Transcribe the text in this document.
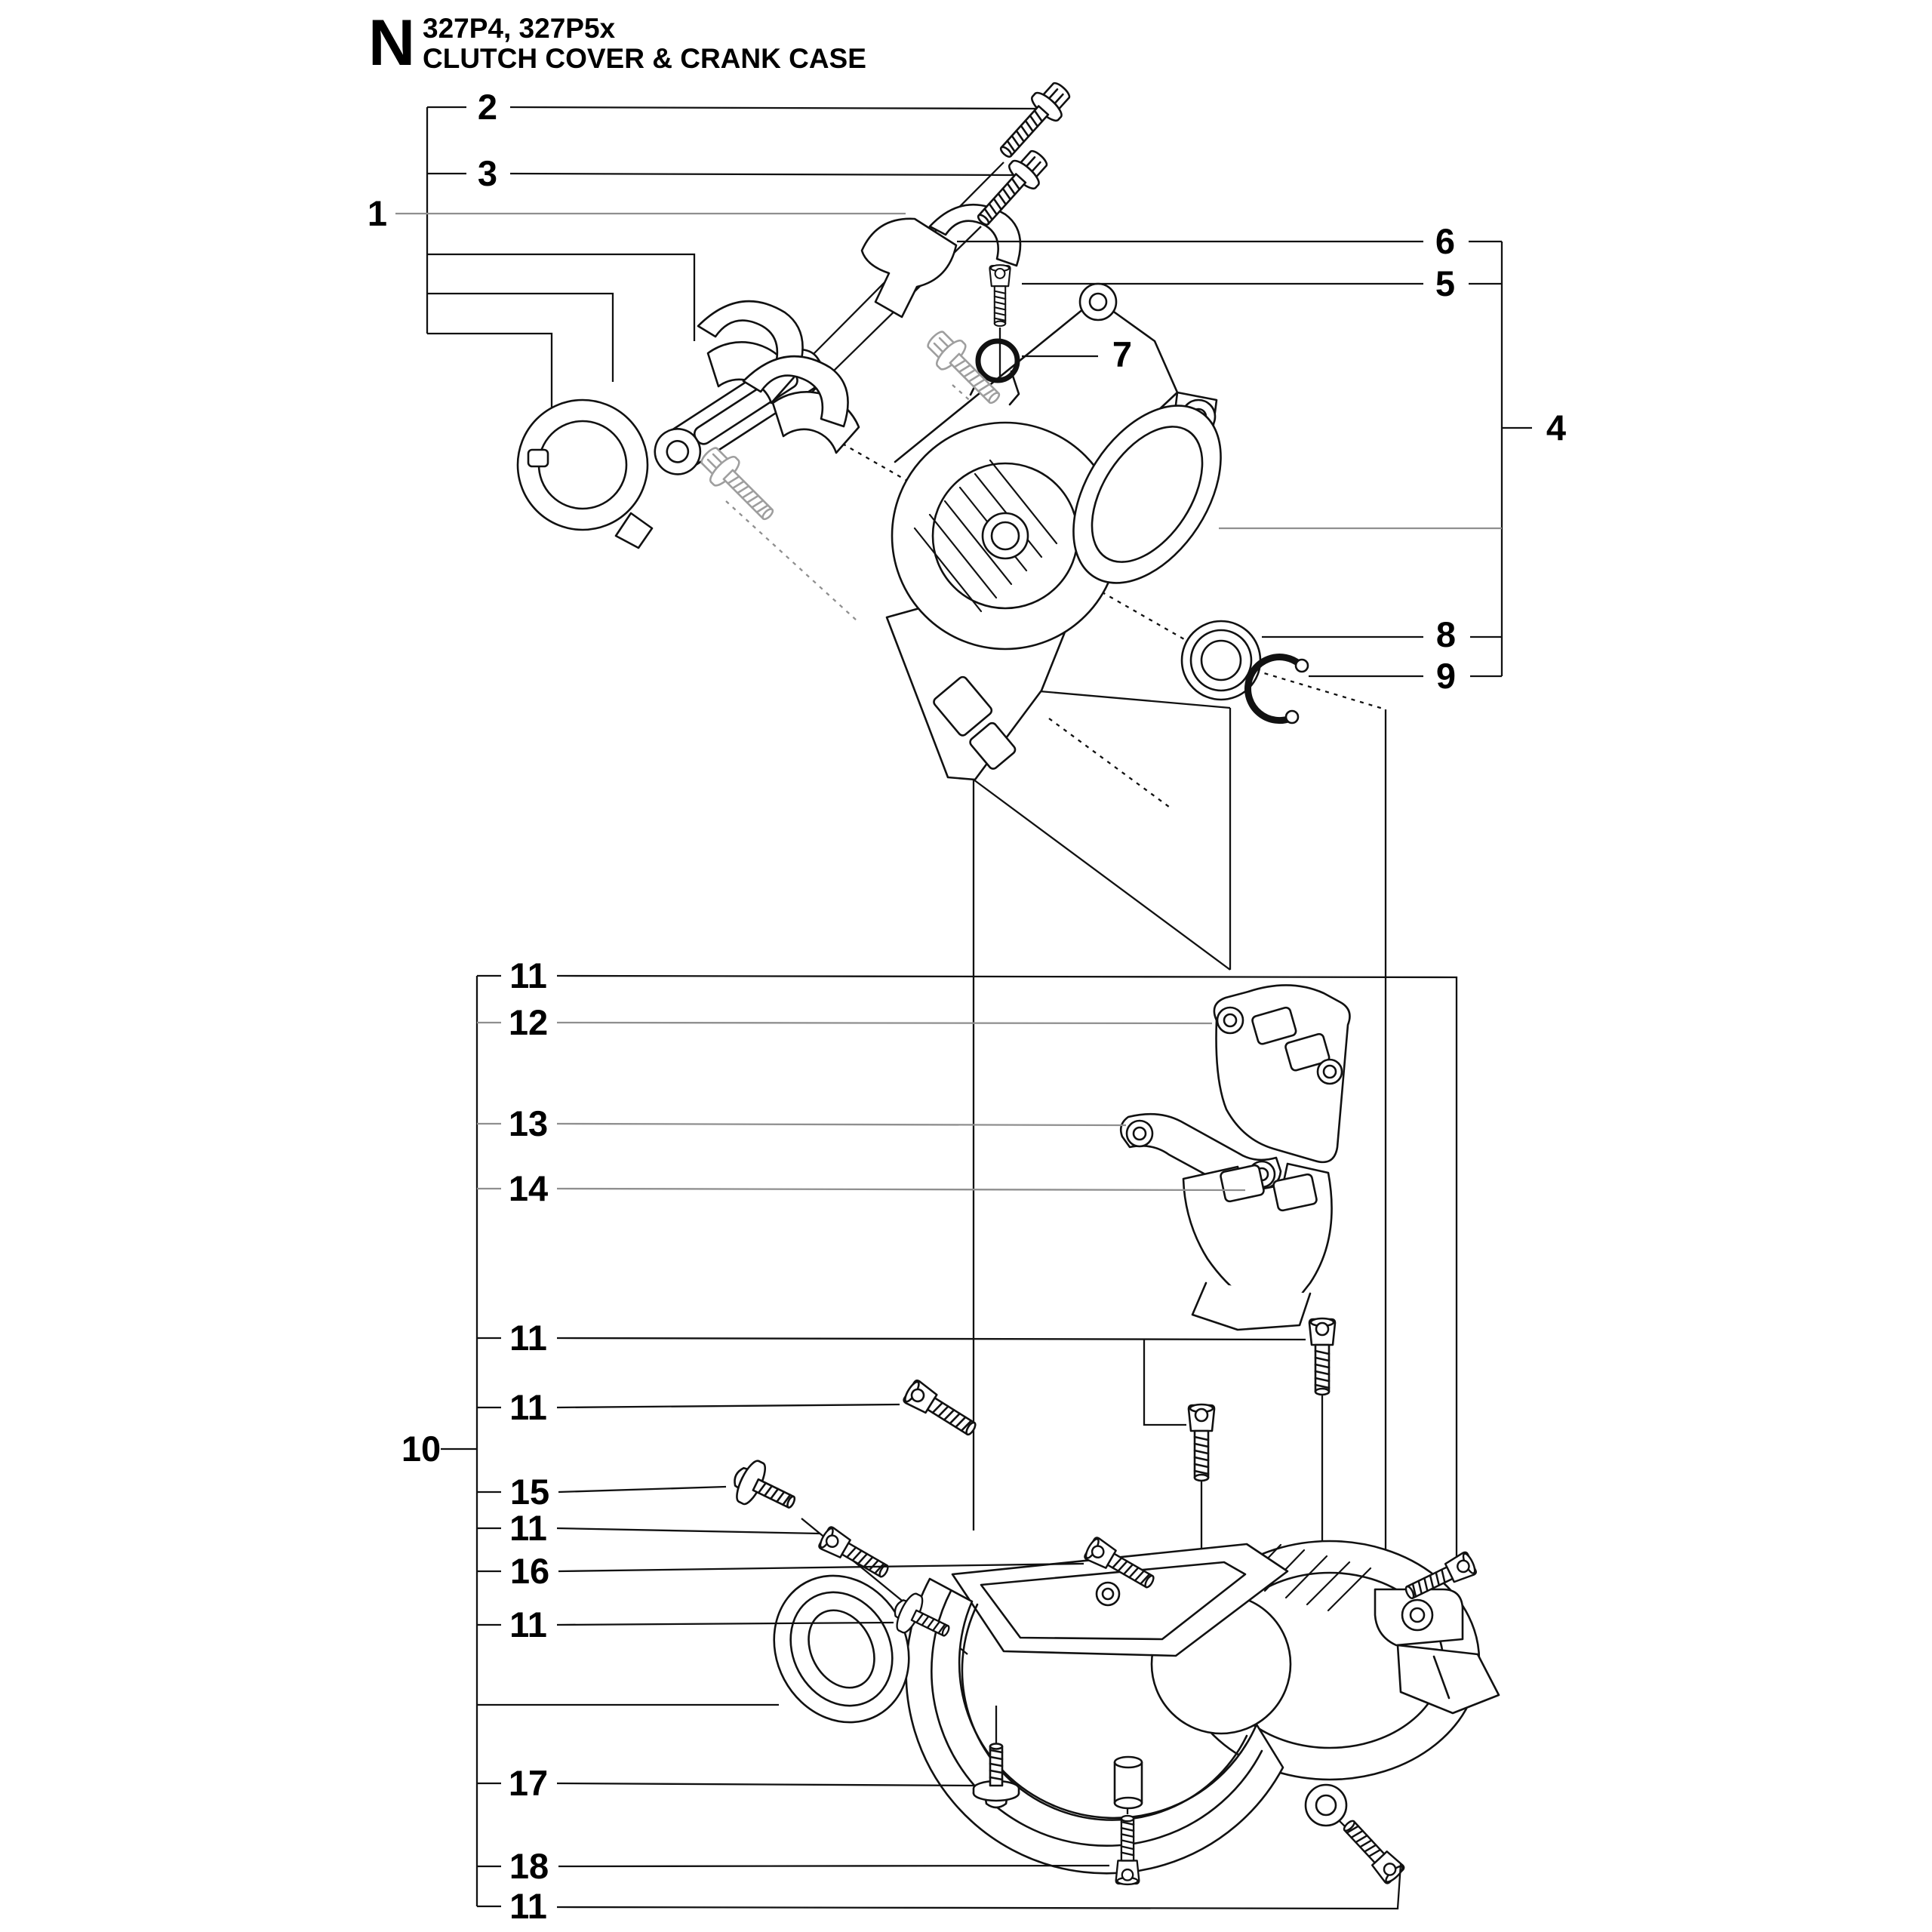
2
3
1
6
5
7
4
8
9
11
12
13
14
11
11
10
15
11
16
11
17
18
11
N 327P4, 327P5x
CLUTCH COVER & CRANK CASE
